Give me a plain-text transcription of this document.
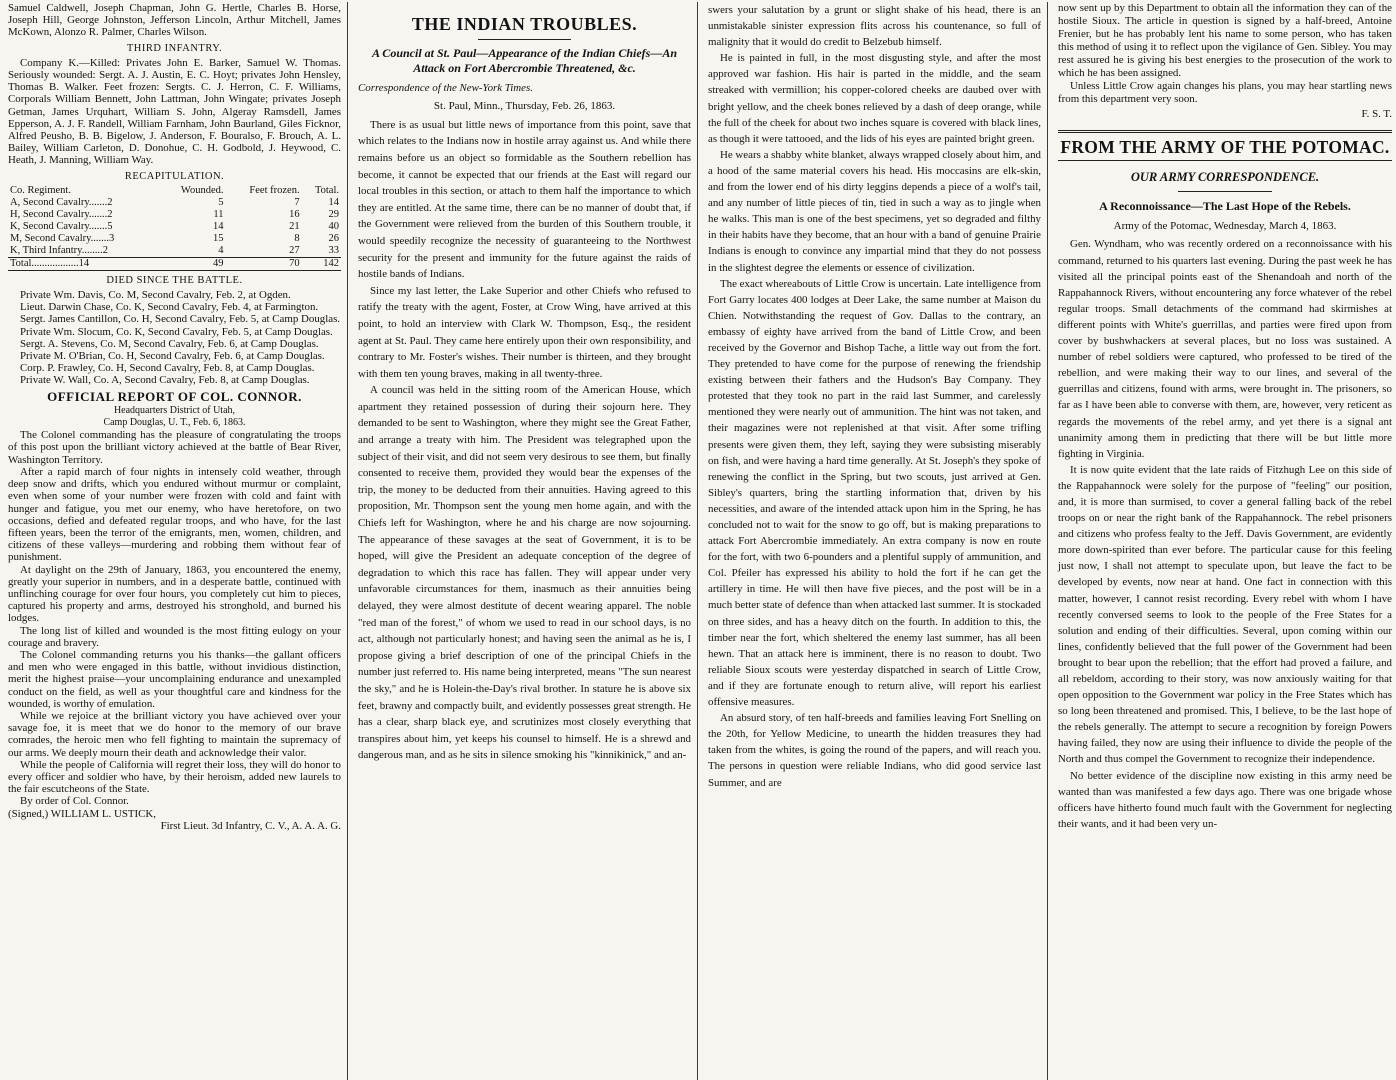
Samuel Caldwell, Joseph Chapman, John G. Hertle, Charles B. Horse, Joseph Hill, George Johnston, Jefferson Lincoln, Arthur Mitchell, James McKown, Alonzo R. Palmer, Charles Wilson.

THIRD INFANTRY.

Company K.—Killed: Privates John E. Barker, Samuel W. Thomas. Seriously wounded: Sergt. A. J. Austin, E. C. Hoyt; privates John Hensley, Thomas B. Walker. Feet frozen: Sergts. C. J. Herron, C. F. Williams, Corporals William Bennett, John Lattman, John Wingate; privates Joseph Getman, James Urquhart, William S. John, Algeray Ramsdell, James Epperson, A. J. F. Randell, William Farnham, John Baurland, Giles Ficknor, Alfred Peusho, B. B. Bigelow, J. Anderson, F. Bouralso, F. Brouch, A. L. Bailey, William Carleton, D. Donohue, C. H. Godbold, J. Heywood, C. Heath, J. Manning, William Way.

RECAPITULATION.
Co. Regiment.	Wounded.	Feet frozen.	Total.
A, Second Cavalry.......2	5	7	14
H, Second Cavalry.......2	11	16	29
K, Second Cavalry.......5	14	21	40
M, Second Cavalry.......3	15	8	26
K, Third Infantry........2	4	27	33
Total..................14	49	70	142
DIED SINCE THE BATTLE.

Private Wm. Davis, Co. M, Second Cavalry, Feb. 2, at Ogden.

Lieut. Darwin Chase, Co. K, Second Cavalry, Feb. 4, at Farmington.

Sergt. James Cantillon, Co. H, Second Cavalry, Feb. 5, at Camp Douglas.

Private Wm. Slocum, Co. K, Second Cavalry, Feb. 5, at Camp Douglas.

Sergt. A. Stevens, Co. M, Second Cavalry, Feb. 6, at Camp Douglas.

Private M. O'Brian, Co. H, Second Cavalry, Feb. 6, at Camp Douglas.

Corp. P. Frawley, Co. H, Second Cavalry, Feb. 8, at Camp Douglas.

Private W. Wall, Co. A, Second Cavalry, Feb. 8, at Camp Douglas.

OFFICIAL REPORT OF COL. CONNOR.
Headquarters District of Utah,
Camp Douglas, U. T., Feb. 6, 1863.

The Colonel commanding has the pleasure of congratulating the troops of this post upon the brilliant victory achieved at the battle of Bear River, Washington Territory.

After a rapid march of four nights in intensely cold weather, through deep snow and drifts, which you endured without murmur or complaint, even when some of your number were frozen with cold and faint with hunger and fatigue, you met our enemy, who have heretofore, on two occasions, defied and defeated regular troops, and who have, for the last fifteen years, been the terror of the emigrants, men, women, children, and citizens of these valleys—murdering and robbing them without fear of punishment.

At daylight on the 29th of January, 1863, you encountered the enemy, greatly your superior in numbers, and in a desperate battle, continued with unflinching courage for over four hours, you completely cut him to pieces, captured his property and arms, destroyed his stronghold, and burned his lodges.

The long list of killed and wounded is the most fitting eulogy on your courage and bravery.

The Colonel commanding returns you his thanks—the gallant officers and men who were engaged in this battle, without invidious distinction, merit the highest praise—your uncomplaining endurance and unexampled conduct on the field, as well as your thoughtful care and kindness for the wounded, is worthy of emulation.

While we rejoice at the brilliant victory you have achieved over your savage foe, it is meet that we do honor to the memory of our brave comrades, the heroic men who fell fighting to maintain the supremacy of our arms. We deeply mourn their death and acknowledge their valor.

While the people of California will regret their loss, they will do honor to every officer and soldier who have, by their heroism, added new laurels to the fair escutcheons of the State.

By order of Col. Connor.

(Signed,) WILLIAM L. USTICK,

First Lieut. 3d Infantry, C. V., A. A. A. G.

THE INDIAN TROUBLES.
A Council at St. Paul—Appearance of the Indian Chiefs—An Attack on Fort Abercrombie Threatened, &c.

Correspondence of the New-York Times.

St. Paul, Minn., Thursday, Feb. 26, 1863.

There is as usual but little news of importance from this point, save that which relates to the Indians now in hostile array against us. And while there remains before us an object so formidable as the Southern rebellion has become, it cannot be expected that our friends at the East will regard our local troubles in this section, or attach to them half the importance to which they are entitled. At the same time, there can be no manner of doubt that, if the Government were relieved from the burden of this Southern trouble, it would speedily recognize the necessity of guaranteeing to the Northwest security for the present and immunity for the future against the raids of hostile bands of Indians.

Since my last letter, the Lake Superior and other Chiefs who refused to ratify the treaty with the agent, Foster, at Crow Wing, have arrived at this point, to hold an interview with Clark W. Thompson, Esq., the resident agent at St. Paul. They came here entirely upon their own responsibility, and contrary to Mr. Foster's wishes. Their number is thirteen, and they brought with them ten young braves, making in all twenty-three.

A council was held in the sitting room of the American House, which apartment they retained possession of during their sojourn here. They demanded to be sent to Washington, where they might see the Great Father, and arrange a treaty with him. The President was telegraphed upon the subject of their visit, and did not seem very desirous to see them, but finally consented to receive them, provided they would bear the expenses of the trip, the money to be deducted from their annuities. Having agreed to this proposition, Mr. Thompson sent the young men home again, and with the Chiefs left for Washington, where he and his charge are now sojourning. The appearance of these savages at the seat of Government, it is to be hoped, will give the President an adequate conception of the degree of degradation to which this race has fallen. They will appear under very unfavorable circumstances for them, inasmuch as their annuities being delayed, they were almost destitute of decent wearing apparel. The noble "red man of the forest," of whom we used to read in our school days, is no act, although not particularly honest; and having seen the animal as he is, I propose giving a brief description of one of the principal Chiefs in the number just referred to. His name being interpreted, means "The sun nearest the sky," and he is Holein-the-Day's rival brother. In stature he is above six feet, brawny and compactly built, and evidently possesses great strength. He has a clear, sharp black eye, and scrutinizes most closely everything that transpires about him, yet keeps his counsel to himself. He is a shrewd and dangerous man, and as he sits in silence smoking his "kinnikinick," and an-

swers your salutation by a grunt or slight shake of his head, there is an unmistakable sinister expression flits across his countenance, so full of malignity that it would do credit to Belzebub himself.

He is painted in full, in the most disgusting style, and after the most approved war fashion. His hair is parted in the middle, and the seam streaked with vermillion; his copper-colored cheeks are daubed over with bright yellow, and the cheek bones relieved by a dash of deep orange, while the full of the cheek for about two inches square is covered with black lines, as though it were tattooed, and the lids of his eyes are painted bright green.

He wears a shabby white blanket, always wrapped closely about him, and a hood of the same material covers his head. His moccasins are elk-skin, and from the lower end of his dirty leggins depends a piece of a wolf's tail, and any number of little pieces of tin, tied in such a way as to jingle when he walks. This man is one of the best specimens, yet so degraded and filthy in their habits have they become, that an hour with a band of genuine Prairie Indians is enough to convince any impartial mind that they do not possess in the slightest degree the elements or essence of civilization.

The exact whereabouts of Little Crow is uncertain. Late intelligence from Fort Garry locates 400 lodges at Deer Lake, the same number at Maison du Chien. Notwithstanding the request of Gov. Dallas to the contrary, an embassy of eighty have arrived from the band of Little Crow, and been received by the Governor and Bishop Tache, a little way out from the fort. They pretended to have come for the purpose of renewing the friendship existing between their fathers and the Hudson's Bay Company. They protested that they took no part in the raid last Summer, and carelessly mentioned they were nearly out of ammunition. The hint was not taken, and their magazines were not replenished at that visit. After some trifling presents were given them, they left, saying they were subsisting miserably on fish, and were having a hard time generally. At St. Joseph's they spoke of renewing the conflict in the Spring, but two scouts, just arrived at Gen. Sibley's quarters, bring the startling information that, driven by his necessities, and aware of the intended attack upon him in the Spring, he has concluded not to wait for the snow to go off, but is making preparations to attack Fort Abercrombie immediately. An extra company is now en route for the fort, with two 6-pounders and a plentiful supply of ammunition, and Col. Pfeiler has expressed his ability to hold the fort if he can get the artillery in time. He will then have five pieces, and the post will be in a much better state of defence than when attacked last summer. It is stockaded on three sides, and has a heavy ditch on the fourth. In addition to this, the timber near the fort, which sheltered the enemy last summer, has all been hewn. That an attack here is imminent, there is no reason to doubt. Two reliable Sioux scouts were yesterday dispatched in search of Little Crow, and if they are fortunate enough to return alive, will report his earliest offensive measures.

An absurd story, of ten half-breeds and families leaving Fort Snelling on the 20th, for Yellow Medicine, to unearth the hidden treasures they had taken from the whites, is going the round of the papers, and will reach you. The persons in question were reliable Indians, who did good service last Summer, and are

now sent up by this Department to obtain all the information they can of the hostile Sioux. The article in question is signed by a half-breed, Antoine Frenier, but he has probably lent his name to some person, who has taken this method of using it to reflect upon the vigilance of Gen. Sibley. You may rest assured he is giving his best energies to the prosecution of the work to which he has been assigned.

Unless Little Crow again changes his plans, you may hear startling news from this department very soon.

F. S. T.
FROM THE ARMY OF THE POTOMAC.
OUR ARMY CORRESPONDENCE.
A Reconnoissance—The Last Hope of the Rebels.
Army of the Potomac, Wednesday, March 4, 1863.

Gen. Wyndham, who was recently ordered on a reconnoissance with his command, returned to his quarters last evening. During the past week he has visited all the principal points east of the Shenandoah and north of the Rappahannock Rivers, without encountering any force whatever of the rebel regular troops. Small detachments of the command had skirmishes at different points with White's guerrillas, and parties were fired upon from cover by bushwhackers at several places, but no loss was sustained. A number of rebel soldiers were captured, who professed to be tired of the rebellion, and were making their way to our lines, and several of the guerrillas and citizens, found with arms, were brought in. The prisoners, so far as I have been able to converse with them, are, however, very reticent as regards the movements of the rebel army, and yet there is a signal ant unanimity among them in predicting that there will be but little more fighting in Virginia.

It is now quite evident that the late raids of Fitzhugh Lee on this side of the Rappahannock were solely for the purpose of "feeling" our position, and, it is more than surmised, to cover a general falling back of the rebel troops on or near the right bank of the Rappahannock. The rebel prisoners and citizens who profess fealty to the Jeff. Davis Government, are evidently more down-spirited than ever before. The particular cause for this feeling just now, I shall not attempt to speculate upon, but leave the fact to be developed by events, now near at hand. One fact in connection with this matter, however, I cannot resist recording. Every rebel with whom I have recently conversed seems to look to the people of the Free States for a solution and ending of their difficulties. Several, upon coming within our lines, confidently believed that the full power of the Government had been brought to bear upon the rebellion; that the effort had proved a failure, and all rebeldom, according to their story, was now anxiously waiting for that open opposition to the Government war policy in the Free States which has so long been threatened and promised. This, I believe, to be the last hope of the rebels generally. The attempt to secure a recognition by foreign Powers having failed, they now are using their influence to divide the people of the North and thus compel the Government to recognize their independence.

No better evidence of the discipline now existing in this army need be wanted than was manifested a few days ago. There was one brigade whose officers have hitherto found much fault with the Government for neglecting their wants, and it had been very un-
